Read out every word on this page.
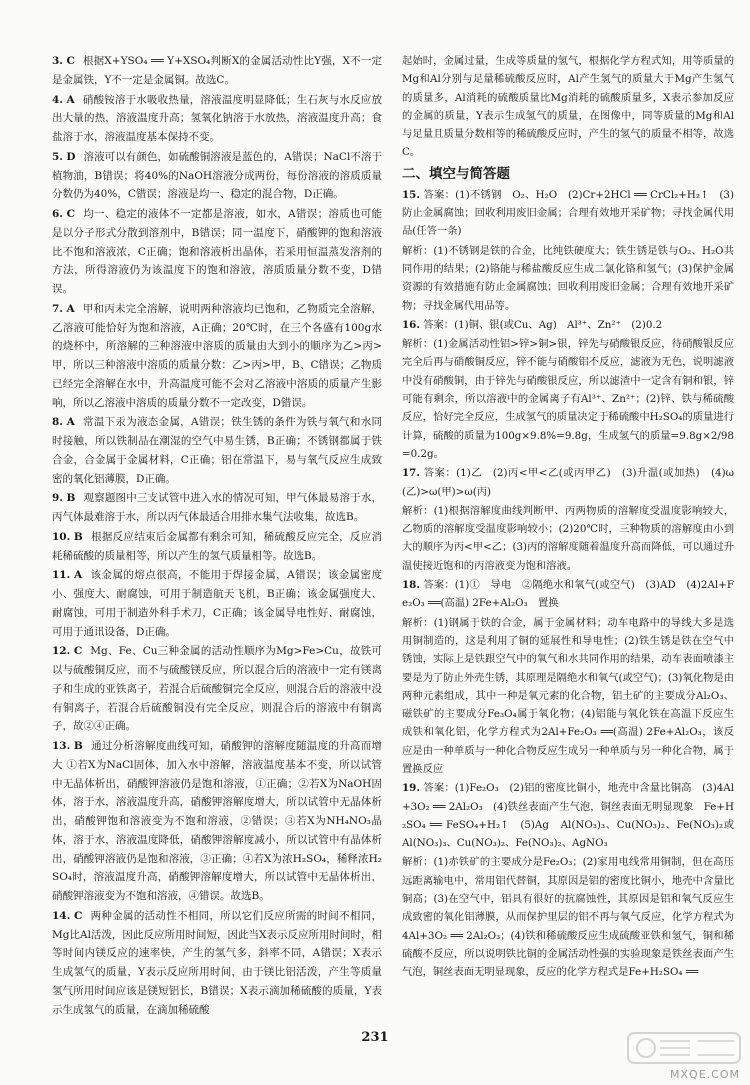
3. C 根据X+YSO₄ ══ Y+XSO₄判断X的金属活动性比Y强，X不一定是金属铁，Y不一定是金属铜。故选C。

4. A 硝酸铵溶于水吸收热量，溶液温度明显降低；生石灰与水反应放出大量的热，溶液温度升高；氢氧化钠溶于水放热，溶液温度升高；食盐溶于水，溶液温度基本保持不变。

5. D 溶液可以有颜色，如硫酸铜溶液是蓝色的，A错误；NaCl不溶于植物油，B错误；将40%的NaOH溶液分成两份，每份溶液的溶质质量分数仍为40%，C错误；溶液是均一、稳定的混合物，D正确。

6. C 均一、稳定的液体不一定都是溶液，如水，A错误；溶质也可能是以分子形式分散到溶剂中，B错误；同一温度下，硝酸钾的饱和溶液比不饱和溶液浓，C正确；饱和溶液析出晶体，若采用恒温蒸发溶剂的方法，所得溶液仍为该温度下的饱和溶液，溶质质量分数不变，D错误。

7. A 甲和丙未完全溶解，说明两种溶液均已饱和，乙物质完全溶解，乙溶液可能恰好为饱和溶液，A正确；20℃时，在三个各盛有100g水的烧杯中，所溶解的三种溶液中溶质的质量由大到小的顺序为乙>丙>甲，所以三种溶液中溶质的质量分数：乙>丙>甲，B、C错误；乙物质已经完全溶解在水中，升高温度可能不会对乙溶液中溶质的质量产生影响，所以乙溶液中溶质的质量分数不一定改变，D错误。

8. A 常温下汞为液态金属，A错误；铁生锈的条件为铁与氧气和水同时接触，所以铁制品在潮湿的空气中易生锈，B正确；不锈钢都属于铁合金，合金属于金属材料，C正确；铝在常温下，易与氧气反应生成致密的氧化铝薄膜，D正确。

9. B 观察题图中三支试管中进入水的情况可知，甲气体最易溶于水，丙气体最难溶于水，所以丙气体最适合用排水集气法收集，故选B。

10. B 根据反应结束后金属都有剩余可知，稀硫酸反应完全，反应消耗稀硫酸的质量相等，所以产生的氢气质量相等。故选B。

11. A 该金属的熔点很高，不能用于焊接金属，A错误；该金属密度小、强度大、耐腐蚀，可用于制造航天飞机，B正确；该金属强度大、耐腐蚀，可用于制造外科手术刀，C正确；该金属导电性好、耐腐蚀，可用于通讯设备，D正确。

12. C Mg、Fe、Cu三种金属的活动性顺序为Mg>Fe>Cu，故铁可以与硫酸铜反应，而不与硫酸镁反应，所以混合后的溶液中一定有镁离子和生成的亚铁离子，若混合后硫酸铜完全反应，则混合后的溶液中没有铜离子，若混合后硫酸铜没有完全反应，则混合后的溶液中有铜离子，故②④正确。

13. B 通过分析溶解度曲线可知，硝酸钾的溶解度随温度的升高而增大 ①若X为NaCl固体，加入水中溶解，溶液温度基本不变，所以试管中无晶体析出，硝酸钾溶液仍是饱和溶液，①正确；②若X为NaOH固体，溶于水，溶液温度升高，硝酸钾溶解度增大，所以试管中无晶体析出，硝酸钾饱和溶液变为不饱和溶液，②错误；③若X为NH₄NO₃晶体，溶于水，溶液温度降低，硝酸钾溶解度减小，所以试管中有晶体析出，硝酸钾溶液仍是饱和溶液，③正确；④若X为浓H₂SO₄，稀释浓H₂SO₄时，溶液温度升高，硝酸钾溶解度增大，所以试管中无晶体析出，硝酸钾溶液变为不饱和溶液，④错误。故选B。

14. C 两种金属的活动性不相同，所以它们反应所需的时间不相同，Mg比Al活泼，因此反应所用时间短，因此当X表示反应所用时间时，相等时间内镁反应的速率快，产生的氢气多，斜率不同，A错误；X表示生成氢气的质量，Y表示反应所用时间，由于镁比铝活泼，产生等质量氢气所用时间应该是镁短铝长，B错误；X表示滴加稀硫酸的质量，Y表示生成氢气的质量，在滴加稀硫酸

起始时，金属过量，生成等质量的氢气，根据化学方程式知，用等质量的Mg和Al分别与足量稀硫酸反应时，Al产生氢气的质量大于Mg产生氢气的质量多，Al消耗的硫酸质量比Mg消耗的硫酸质量多，X表示参加反应的金属的质量，Y表示生成氢气的质量，在图像中，同等质量的Mg和Al与足量且质量分数相等的稀硫酸反应时，产生的氢气的质量不相等，故选C。

二、填空与简答题

15. 答案：(1)不锈钢　O₂、H₂O　(2)Cr+2HCl ══ CrCl₂+H₂↑　(3)防止金属腐蚀；回收利用废旧金属；合理有效地开采矿物；寻找金属代用品(任答一条)

解析：(1)不锈钢是铁的合金，比纯铁硬度大；铁生锈是铁与O₂、H₂O共同作用的结果；(2)铬能与稀盐酸反应生成二氯化铬和氢气；(3)保护金属资源的有效措施有防止金属腐蚀；回收利用废旧金属；合理有效地开采矿物；寻找金属代用品等。

16. 答案：(1)铜、银(或Cu、Ag)　Al³⁺、Zn²⁺　(2)0.2

解析：(1)金属活动性铝>锌>铜>银，锌先与硝酸银反应，待硝酸银反应完全后再与硝酸铜反应，锌不能与硝酸铝不反应，滤液为无色，说明滤液中没有硝酸铜，由于锌先与硝酸银反应，所以滤渣中一定含有铜和银，锌可能有剩余，所以溶液中的金属离子有Al³⁺、Zn²⁺；(2)锌、铁与稀硫酸反应，恰好完全反应，生成氢气的质量决定于稀硫酸中H₂SO₄的质量进行计算，硫酸的质量为100g×9.8%=9.8g，生成氢气的质量=9.8g×2/98=0.2g。

17. 答案：(1)乙　(2)丙<甲<乙(或丙甲乙)　(3)升温(或加热)　(4)ω(乙)>ω(甲)>ω(丙)

解析：(1)根据溶解度曲线判断甲、丙两物质的溶解度受温度影响较大，乙物质的溶解度受温度影响较小；(2)20℃时，三种物质的溶解度由小到大的顺序为丙<甲<乙；(3)丙的溶解度随着温度升高而降低，可以通过升温使接近饱和的丙溶液变为饱和溶液。

18. 答案：(1)①　导电　②隔绝水和氧气(或空气)　(3)AD　(4)2Al+Fe₂O₃ ══(高温) 2Fe+Al₂O₃　置换

解析：(1)钢属于铁的合金，属于金属材料；动车电路中的导线大多是选用铜制造的，这是利用了铜的延展性和导电性；(2)铁生锈是铁在空气中锈蚀，实际上是铁跟空气中的氧气和水共同作用的结果，动车表面喷漆主要是为了防止外壳生锈，其原理是隔绝水和氧气(或空气)；(3)氧化物是由两种元素组成，其中一种是氧元素的化合物，铝土矿的主要成分Al₂O₃、磁铁矿的主要成分Fe₃O₄属于氧化物；(4)铝能与氧化铁在高温下反应生成铁和氧化铝，化学方程式为2Al+Fe₂O₃ ══(高温) 2Fe+Al₂O₃，该反应是由一种单质与一种化合物反应生成另一种单质与另一种化合物，属于置换反应

19. 答案：(1)Fe₂O₃　(2)铝的密度比铜小，地壳中含量比铜高　(3)4Al+3O₂ ══ 2Al₂O₃　(4)铁丝表面产生气泡，铜丝表面无明显现象　Fe+H₂SO₄ ══ FeSO₄+H₂↑　(5)Ag　Al(NO₃)₃、Cu(NO₃)₂、Fe(NO₃)₂或Al(NO₃)₃、Cu(NO₃)₂、Fe(NO₃)₂、AgNO₃

解析：(1)赤铁矿的主要成分是Fe₂O₃；(2)家用电线常用铜制，但在高压远距离输电中，常用铝代替铜，其原因是铝的密度比铜小，地壳中含量比铜高；(3)在空气中，铝具有很好的抗腐蚀性，其原因是铝和氧气反应生成致密的氧化铝薄膜，从而保护里层的铝不再与氧气反应，化学方程式为4Al+3O₂ ══ 2Al₂O₃；(4)铁和稀硫酸反应生成硫酸亚铁和氢气，铜和稀硫酸不反应，所以说明铁比铜的金属活动性强的实验现象是铁丝表面产生气泡，铜丝表面无明显现象，反应的化学方程式是Fe+H₂SO₄ ══

231
MXQE.COM
